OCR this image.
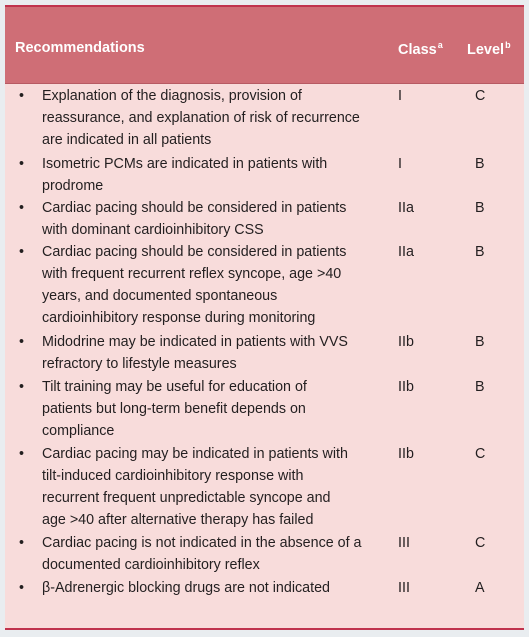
Recommendations	Class$^a$ Level$^b$
• Explanation of the diagnosis, provision of
reassurance, and explanation of risk of recurrence
are indicated in all patients
I	C
• Isometric PCMs are indicated in patients with
prodrome
I	B
• Cardiac pacing should be considered in patients
with dominant cardioinhibitory CSS
IIa	B
• Cardiac pacing should be considered in patients
with frequent recurrent reflex syncope, age >40
years, and documented spontaneous
cardioinhibitory response during monitoring
IIa	B
• Midodrine may be indicated in patients with VVS
refractory to lifestyle measures
IIb	B
• Tilt training may be useful for education of
patients but long-term benefit depends on
compliance
IIb	B
• Cardiac pacing may be indicated in patients with
tilt-induced cardioinhibitory response with
recurrent frequent unpredictable syncope and
age >40 after alternative therapy has failed
IIb	C
• Cardiac pacing is not indicated in the absence of a
documented cardioinhibitory reflex
III	C
• β-Adrenergic blocking drugs are not indicated	III	A
